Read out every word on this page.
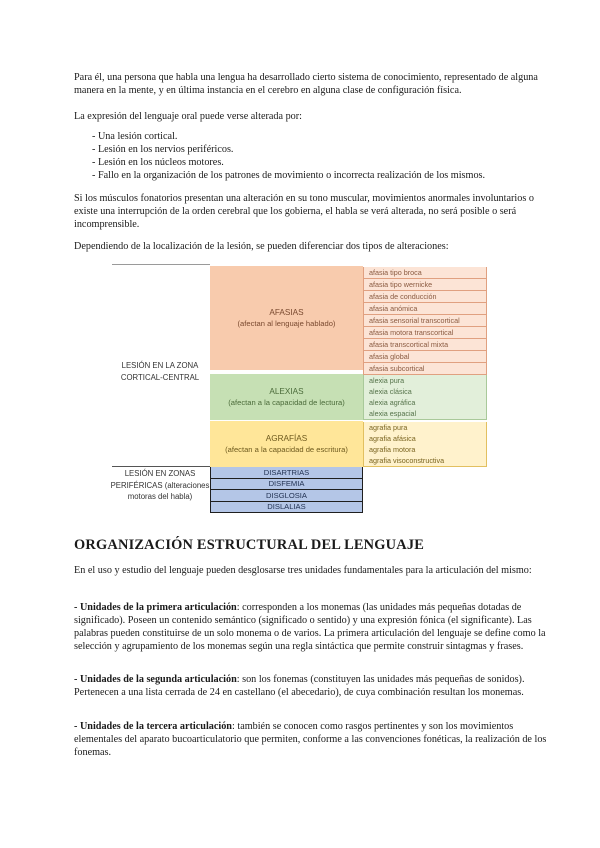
Para él, una persona que habla una lengua ha desarrollado cierto sistema de conocimiento, representado de alguna manera en la mente, y en última instancia en el cerebro en alguna clase de configuración física.

La expresión del lenguaje oral puede verse alterada por:

- Una lesión cortical.
- Lesión en los nervios periféricos.
- Lesión en los núcleos motores.
- Fallo en la organización de los patrones de movimiento o incorrecta realización de los mismos.

Si los músculos fonatorios presentan una alteración en su tono muscular, movimientos anormales involuntarios o existe una interrupción de la orden cerebral que los gobierna, el habla se verá alterada, no será posible o será incomprensible.

Dependiendo de la localización de la lesión, se pueden diferenciar dos tipos de alteraciones:

LESIÓN EN LA ZONA CORTICAL-CENTRAL
AFASIAS
(afectan al lenguaje hablado)
ALEXIAS
(afectan a la capacidad de lectura)
AGRAFÍAS
(afectan a la capacidad de escritura)
afasia tipo broca
afasia tipo wernicke
afasia de conducción
afasia anómica
afasia sensorial transcortical
afasia motora transcortical
afasia transcortical mixta
afasia global
afasia subcortical
alexia pura
alexia clásica
alexia agráfica
alexia espacial
agrafia pura
agrafia afásica
agrafia motora
agrafia visoconstructiva
LESIÓN EN ZONAS PERIFÉRICAS (alteraciones motoras del habla)
DISARTRIAS
DISFEMIA
DISGLOSIA
DISLALIAS
ORGANIZACIÓN ESTRUCTURAL DEL LENGUAJE

En el uso y estudio del lenguaje pueden desglosarse tres unidades fundamentales para la articulación del mismo:

- Unidades de la primera articulación: corresponden a los monemas (las unidades más pequeñas dotadas de significado). Poseen un contenido semántico (significado o sentido) y una expresión fónica (el significante). Las palabras pueden constituirse de un solo monema o de varios. La primera articulación del lenguaje se define como la selección y agrupamiento de los monemas según una regla sintáctica que permite construir sintagmas y frases.

- Unidades de la segunda articulación: son los fonemas (constituyen las unidades más pequeñas de sonidos). Pertenecen a una lista cerrada de 24 en castellano (el abecedario), de cuya combinación resultan los monemas.

- Unidades de la tercera articulación: también se conocen como rasgos pertinentes y son los movimientos elementales del aparato bucoarticulatorio que permiten, conforme a las convenciones fonéticas, la realización de los fonemas.
